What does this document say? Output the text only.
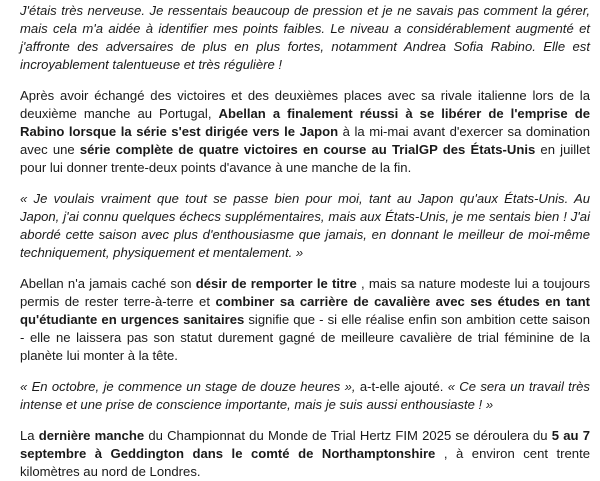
J'étais très nerveuse. Je ressentais beaucoup de pression et je ne savais pas comment la gérer, mais cela m'a aidée à identifier mes points faibles. Le niveau a considérablement augmenté et j'affronte des adversaires de plus en plus fortes, notamment Andrea Sofia Rabino. Elle est incroyablement talentueuse et très régulière !

Après avoir échangé des victoires et des deuxièmes places avec sa rivale italienne lors de la deuxième manche au Portugal, Abellan a finalement réussi à se libérer de l'emprise de Rabino lorsque la série s'est dirigée vers le Japon à la mi-mai avant d'exercer sa domination avec une série complète de quatre victoires en course au TrialGP des États-Unis en juillet pour lui donner trente-deux points d'avance à une manche de la fin.

« Je voulais vraiment que tout se passe bien pour moi, tant au Japon qu'aux États-Unis. Au Japon, j'ai connu quelques échecs supplémentaires, mais aux États-Unis, je me sentais bien ! J'ai abordé cette saison avec plus d'enthousiasme que jamais, en donnant le meilleur de moi-même techniquement, physiquement et mentalement. »

Abellan n'a jamais caché son désir de remporter le titre , mais sa nature modeste lui a toujours permis de rester terre-à-terre et combiner sa carrière de cavalière avec ses études en tant qu'étudiante en urgences sanitaires signifie que - si elle réalise enfin son ambition cette saison - elle ne laissera pas son statut durement gagné de meilleure cavalière de trial féminine de la planète lui monter à la tête.

« En octobre, je commence un stage de douze heures », a-t-elle ajouté. « Ce sera un travail très intense et une prise de conscience importante, mais je suis aussi enthousiaste ! »

La dernière manche du Championnat du Monde de Trial Hertz FIM 2025 se déroulera du 5 au 7 septembre à Geddington dans le comté de Northamptonshire , à environ cent trente kilomètres au nord de Londres.
